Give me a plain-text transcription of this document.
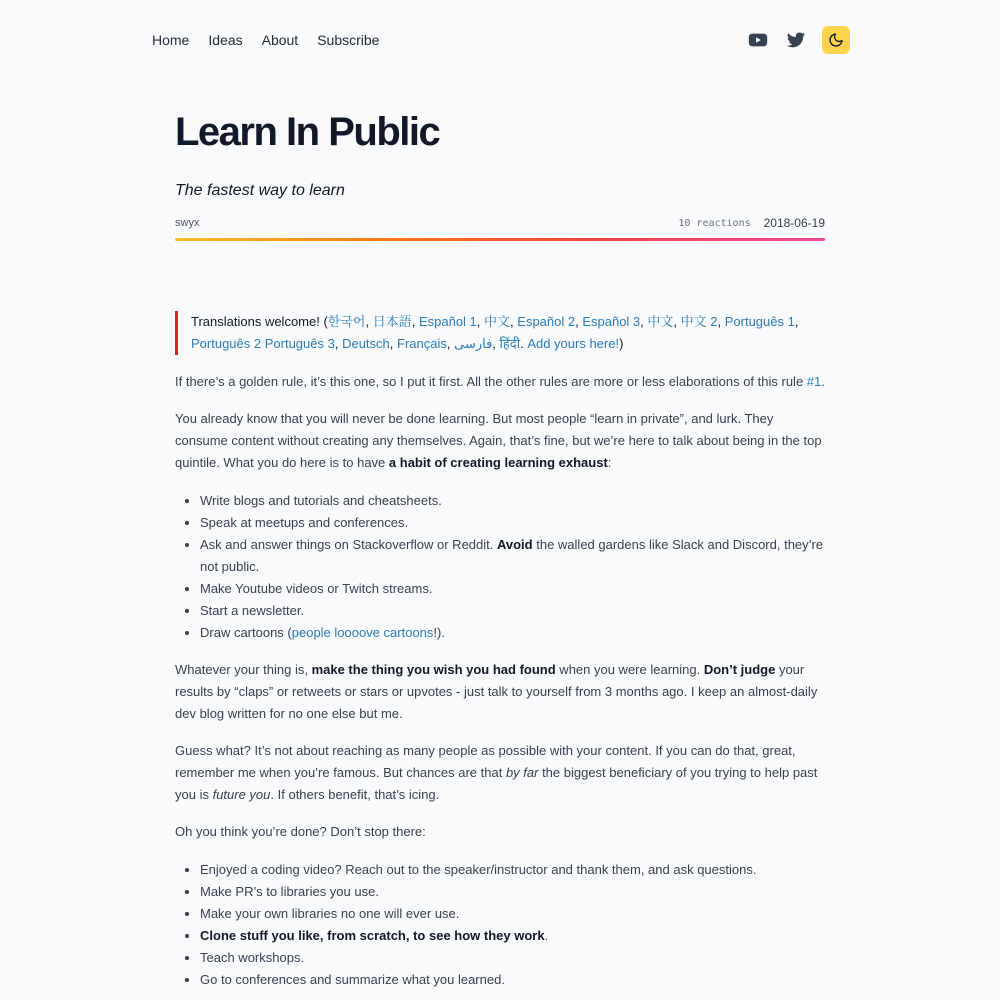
Home Ideas About Subscribe
Learn In Public
The fastest way to learn
swyx	10 reactions 2018-06-19
Translations welcome! (한국어, 日本語, Español 1, 中文, Español 2, Español 3, 中文, 中文 2, Português 1, Português 2 Português 3, Deutsch, Français, فارسی, हिंदी. Add yours here!)

If there’s a golden rule, it’s this one, so I put it first. All the other rules are more or less elaborations of this rule #1.

You already know that you will never be done learning. But most people “learn in private”, and lurk. They consume content without creating any themselves. Again, that’s fine, but we’re here to talk about being in the top quintile. What you do here is to have a habit of creating learning exhaust:

• Write blogs and tutorials and cheatsheets.
• Speak at meetups and conferences.
• Ask and answer things on Stackoverflow or Reddit. Avoid the walled gardens like Slack and Discord, they’re not public.
• Make Youtube videos or Twitch streams.
• Start a newsletter.
• Draw cartoons (people loooove cartoons!).

Whatever your thing is, make the thing you wish you had found when you were learning. Don’t judge your results by “claps” or retweets or stars or upvotes - just talk to yourself from 3 months ago. I keep an almost-daily dev blog written for no one else but me.

Guess what? It’s not about reaching as many people as possible with your content. If you can do that, great, remember me when you’re famous. But chances are that by far the biggest beneficiary of you trying to help past you is future you. If others benefit, that’s icing.

Oh you think you’re done? Don’t stop there:

• Enjoyed a coding video? Reach out to the speaker/instructor and thank them, and ask questions.
• Make PR’s to libraries you use.
• Make your own libraries no one will ever use.
• Clone stuff you like, from scratch, to see how they work.
• Teach workshops.
• Go to conferences and summarize what you learned.
